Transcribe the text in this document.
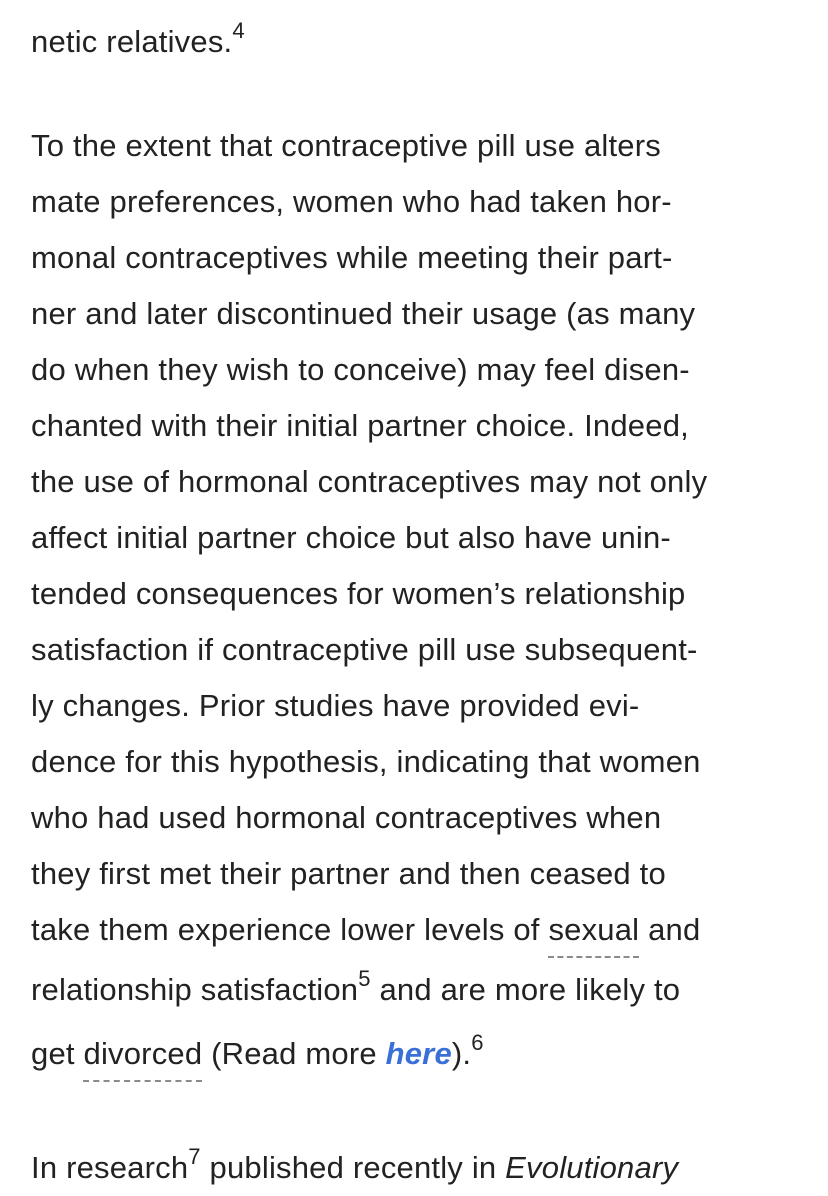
netic relatives.$^4$

To the extent that contraceptive pill use alters
mate preferences, women who had taken hor-
monal contraceptives while meeting their part-
ner and later discontinued their usage (as many
do when they wish to conceive) may feel disen-
chanted with their initial partner choice. Indeed,
the use of hormonal contraceptives may not only
affect initial partner choice but also have unin-
tended consequences for women’s relationship
satisfaction if contraceptive pill use subsequent-
ly changes. Prior studies have provided evi-
dence for this hypothesis, indicating that women
who had used hormonal contraceptives when
they first met their partner and then ceased to
take them experience lower levels of sexual and
relationship satisfaction$^5$ and are more likely to
get divorced (Read more here).$^6$

In research$^7$ published recently in Evolutionary
